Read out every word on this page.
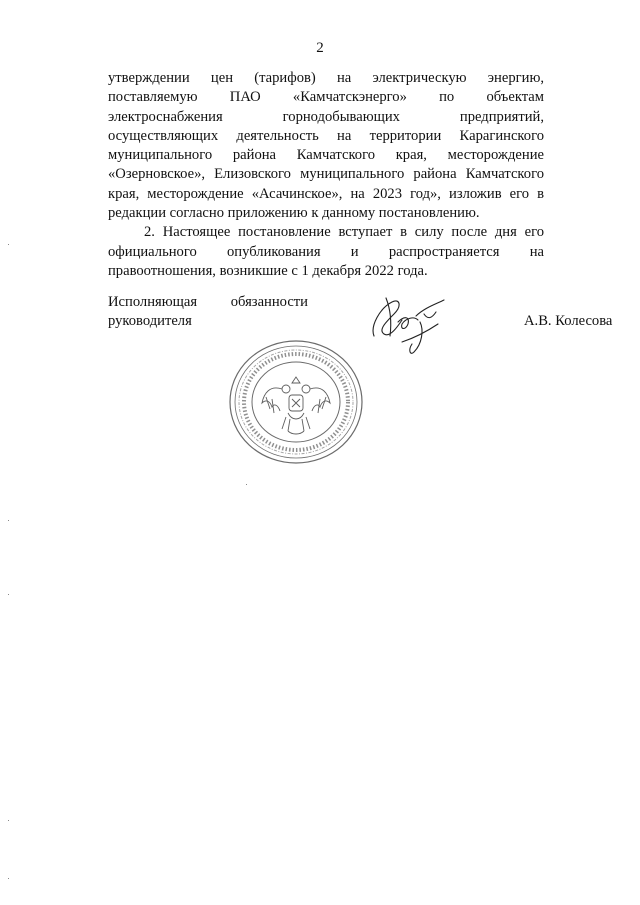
2

утверждении цен (тарифов) на электрическую энергию, поставляемую ПАО «Камчатскэнерго» по объектам электроснабжения горнодобывающих предприятий, осуществляющих деятельность на территории Карагинского муниципального района Камчатского края, месторождение «Озерновское», Елизовского муниципального района Камчатского края, месторождение «Асачинское», на 2023 год», изложив его в редакции согласно приложению к данному постановлению.

2. Настоящее постановление вступает в силу после дня его официального опубликования и распространяется на правоотношения, возникшие с 1 декабря 2022 года.

Исполняющая обязанности
руководителя	А.В. Колесова
